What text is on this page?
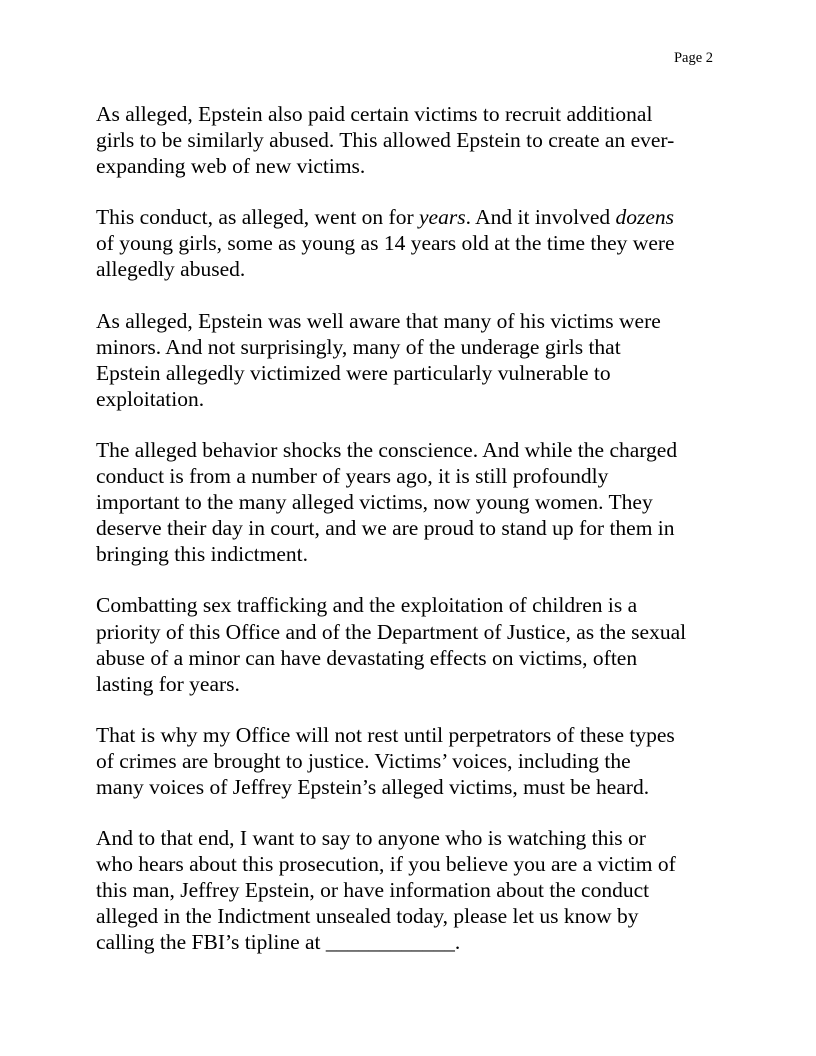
Page 2

As alleged, Epstein also paid certain victims to recruit additional
girls to be similarly abused. This allowed Epstein to create an ever-
expanding web of new victims.

This conduct, as alleged, went on for years. And it involved dozens
of young girls, some as young as 14 years old at the time they were
allegedly abused.

As alleged, Epstein was well aware that many of his victims were
minors. And not surprisingly, many of the underage girls that
Epstein allegedly victimized were particularly vulnerable to
exploitation.

The alleged behavior shocks the conscience. And while the charged
conduct is from a number of years ago, it is still profoundly
important to the many alleged victims, now young women. They
deserve their day in court, and we are proud to stand up for them in
bringing this indictment.

Combatting sex trafficking and the exploitation of children is a
priority of this Office and of the Department of Justice, as the sexual
abuse of a minor can have devastating effects on victims, often
lasting for years.

That is why my Office will not rest until perpetrators of these types
of crimes are brought to justice. Victims’ voices, including the
many voices of Jeffrey Epstein’s alleged victims, must be heard.

And to that end, I want to say to anyone who is watching this or
who hears about this prosecution, if you believe you are a victim of
this man, Jeffrey Epstein, or have information about the conduct
alleged in the Indictment unsealed today, please let us know by
calling the FBI’s tipline at ____________.
